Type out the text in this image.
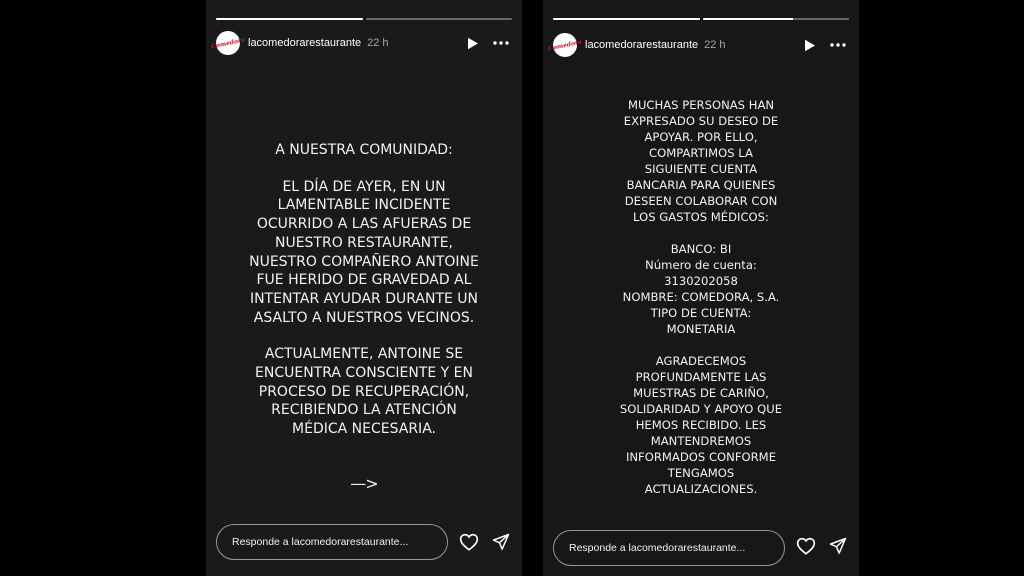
Comedora lacomedorarestaurante 22 h

A NUESTRA COMUNIDAD:

EL DÍA DE AYER, EN UN
LAMENTABLE INCIDENTE
OCURRIDO A LAS AFUERAS DE
NUESTRO RESTAURANTE,
NUESTRO COMPAÑERO ANTOINE
FUE HERIDO DE GRAVEDAD AL
INTENTAR AYUDAR DURANTE UN
ASALTO A NUESTROS VECINOS.

ACTUALMENTE, ANTOINE SE
ENCUENTRA CONSCIENTE Y EN
PROCESO DE RECUPERACIÓN,
RECIBIENDO LA ATENCIÓN
MÉDICA NECESARIA.

—>
Responde a lacomedorarestaurante...
Comedora lacomedorarestaurante 22 h

MUCHAS PERSONAS HAN
EXPRESADO SU DESEO DE
APOYAR. POR ELLO,
COMPARTIMOS LA
SIGUIENTE CUENTA
BANCARIA PARA QUIENES
DESEEN COLABORAR CON
LOS GASTOS MÉDICOS:

BANCO: BI
Número de cuenta:
3130202058
NOMBRE: COMEDORA, S.A.
TIPO DE CUENTA:
MONETARIA

AGRADECEMOS
PROFUNDAMENTE LAS
MUESTRAS DE CARIÑO,
SOLIDARIDAD Y APOYO QUE
HEMOS RECIBIDO. LES
MANTENDREMOS
INFORMADOS CONFORME
TENGAMOS
ACTUALIZACIONES.

Responde a lacomedorarestaurante...
